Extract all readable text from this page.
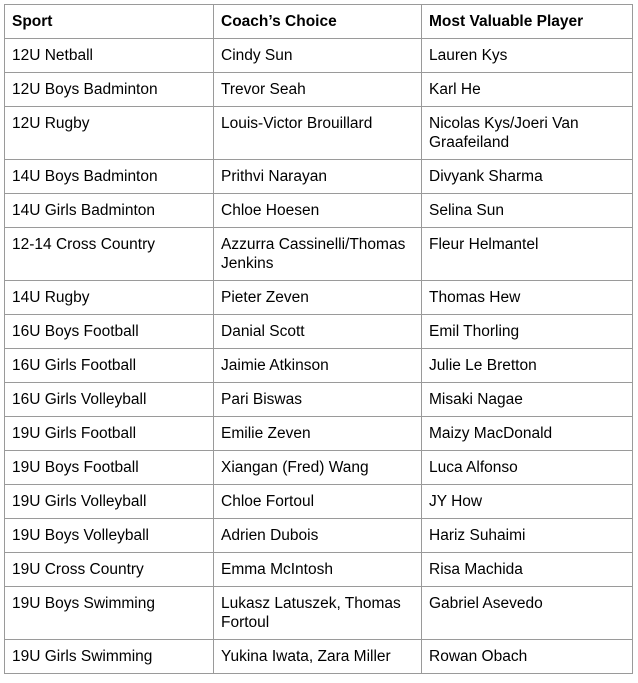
Sport	Coach’s Choice	Most Valuable Player
12U Netball	Cindy Sun	Lauren Kys
12U Boys Badminton	Trevor Seah	Karl He
12U Rugby	Louis-Victor Brouillard	Nicolas Kys/Joeri Van Graafeiland
14U Boys Badminton	Prithvi Narayan	Divyank Sharma
14U Girls Badminton	Chloe Hoesen	Selina Sun
12-14 Cross Country	Azzurra Cassinelli/Thomas Jenkins	Fleur Helmantel
14U Rugby	Pieter Zeven	Thomas Hew
16U Boys Football	Danial Scott	Emil Thorling
16U Girls Football	Jaimie Atkinson	Julie Le Bretton
16U Girls Volleyball	Pari Biswas	Misaki Nagae
19U Girls Football	Emilie Zeven	Maizy MacDonald
19U Boys Football	Xiangan (Fred) Wang	Luca Alfonso
19U Girls Volleyball	Chloe Fortoul	JY How
19U Boys Volleyball	Adrien Dubois	Hariz Suhaimi
19U Cross Country	Emma McIntosh	Risa Machida
19U Boys Swimming	Lukasz Latuszek, Thomas Fortoul	Gabriel Asevedo
19U Girls Swimming	Yukina Iwata, Zara Miller	Rowan Obach
